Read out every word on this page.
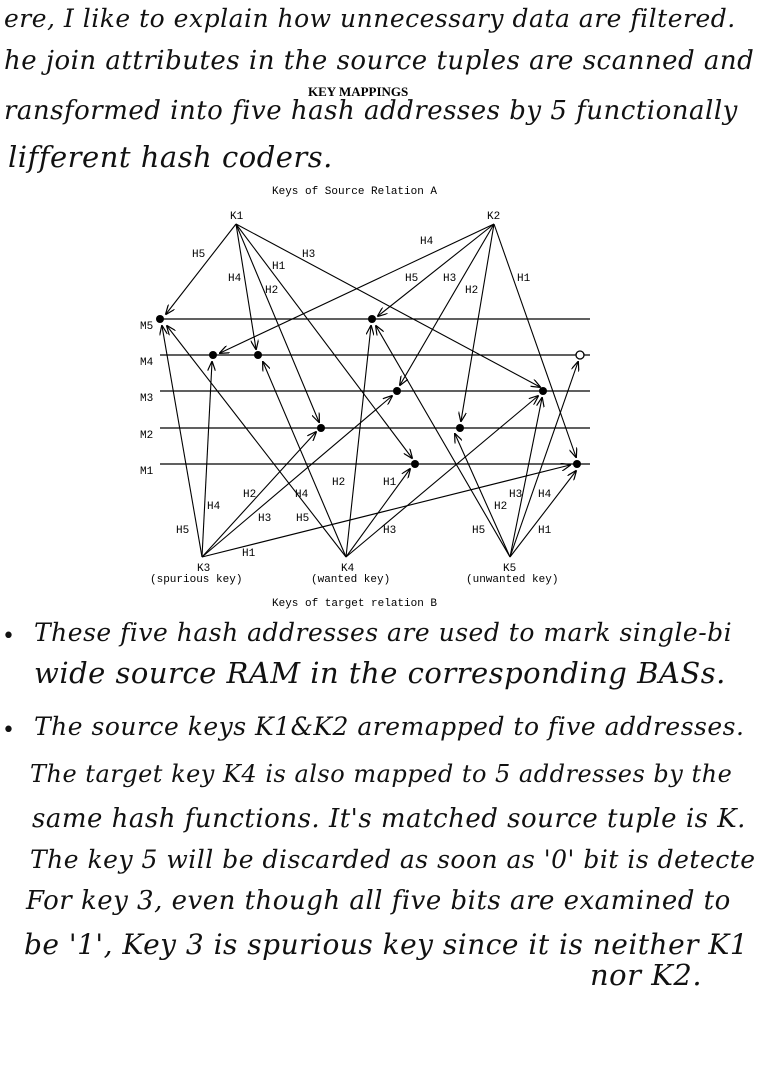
ere, I like to explain how unnecessary data are filtered.
he join attributes in the source tuples are scanned and
ransformed into five hash addresses by 5 functionally
lifferent hash coders.
KEY MAPPINGS
Keys of Source Relation A
M5
M4
M3
M2
M1
K1	K2
H5
H4
H1
H2
H3
H4
H5 H3
H2
H1
K3
(spurious key)
K4
(wanted key)
K5
(unwanted key)
H4
H5
H2
H3
H1
H4
H5
H2	H1
H3
H2
H3 H4
H5	H1
Keys of target relation B
• These five hash addresses are used to mark single-bi
wide source RAM in the corresponding BASs.
• The source keys K1&K2 aremapped to five addresses.
The target key K4 is also mapped to 5 addresses by the
same hash functions. It's matched source tuple is K.
The key 5 will be discarded as soon as '0' bit is detecte
For key 3, even though all five bits are examined to
be '1', Key 3 is spurious key since it is neither K1
nor K2.
